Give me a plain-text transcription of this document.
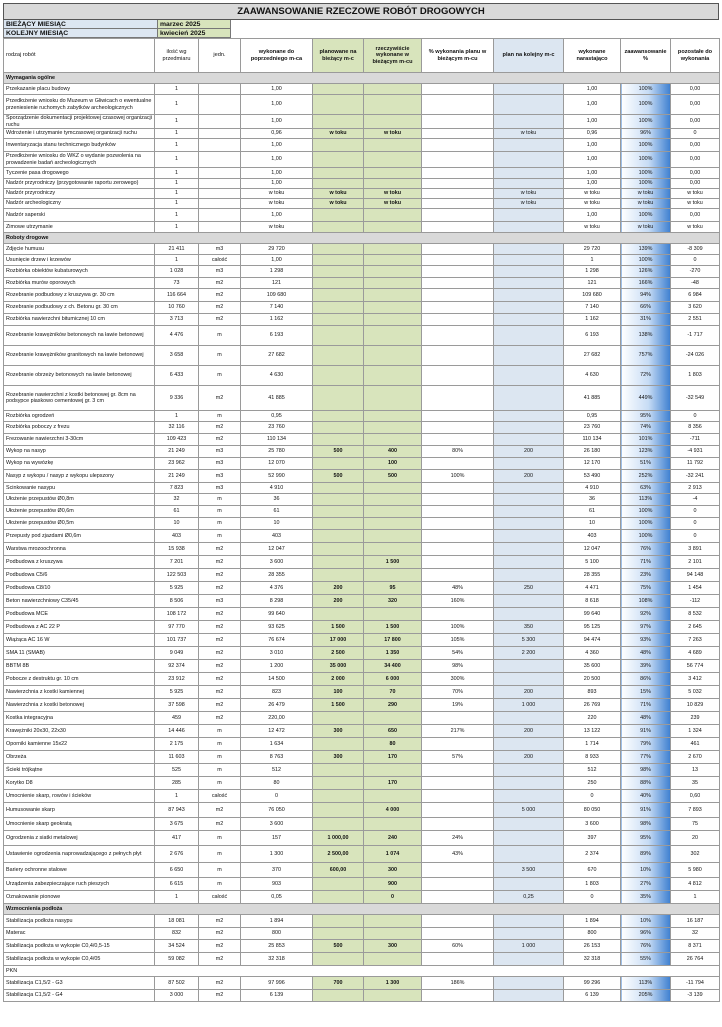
ZAAWANSOWANIE RZECZOWE ROBÓT DROGOWYCH
BIEŻĄCY MIESIĄC	marzec 2025
KOLEJNY MIESIĄC	kwiecień 2025
rodzaj robót	ilość wg przedmiaru	jedn.	wykonane do poprzedniego m-ca	planowane na bieżący m-c	rzeczywiście wykonane w bieżącym m-cu	% wykonania planu w bieżącym m-cu	plan na kolejny m-c	wykonane narastająco	zaawansowanie %	pozostałe do wykonania
Wymagania ogólne										
Przekazanie placu budowy	1		1,00					1,00	100%	0,00
Przedłożenie wniosku do Muzeum w Gliwicach o ewentualne przeniesienie ruchomych zabytków archeologicznych	1		1,00					1,00	100%	0,00
Sporządzenie dokumentacji projektowej czasowej organizacji ruchu	1		1,00					1,00	100%	0,00
Wdrożenie i utrzymanie tymczasowej organizacji ruchu	1		0,96	w toku	w toku		w toku	0,96	96%	0
Inwentaryzacja stanu technicznego budynków	1		1,00					1,00	100%	0,00
Przedłożenie wniosku do WKZ o wydanie pozwolenia na prowadzenie badań archeologicznych	1		1,00					1,00	100%	0,00
Tyczenie pasa drogowego	1		1,00					1,00	100%	0,00
Nadzór przyrodniczy (przygotowanie raportu zerowego)	1		1,00					1,00	100%	0,00
Nadzór przyrodniczy	1		w toku	w toku	w toku		w toku	w toku	w toku	w toku
Nadzór archeologiczny	1		w toku	w toku	w toku		w toku	w toku	w toku	w toku
Nadzór saperski	1		1,00					1,00	100%	0,00
Zimowe utrzymanie	1		w toku					w toku	w toku	w toku
Roboty drogowe										
Zdjęcie humusu	21 411	m3	29 720					29 720	139%	-8 309
Usunięcie drzew i krzewów	1	całość	1,00					1	100%	0
Rozbiórka obiektów kubaturowych	1 028	m3	1 298					1 298	126%	-270
Rozbiórka murów oporowych	73	m2	121					121	166%	-48
Rozebranie podbudowy z kruszywa gr. 30 cm	116 664	m2	109 680					109 680	94%	6 984
Rozebranie podbudowy z ch. Betonu gr. 30 cm	10 760	m2	7 140					7 140	66%	3 620
Rozbiórka nawierzchni bitumicznej 10 cm	3 713	m2	1 162					1 162	31%	2 551
Rozebranie krawężników betonowych na ławie betonowej	4 476	m	6 193					6 193	138%	-1 717
Rozebranie krawężników granitowych na ławie betonowej	3 658	m	27 682					27 682	757%	-24 026
Rozebranie obrzeży betonowych na ławie betonowej	6 433	m	4 630					4 630	72%	1 803
Rozebranie nawierzchni z kostki betonowej gr. 8cm na podsypce piaskowo cementowej gr. 3 cm	9 336	m2	41 885					41 885	449%	-32 549
Rozbiórka ogrodzeń	1	m	0,95					0,95	95%	0
Rozbiórka poboczy z frezu	32 116	m2	23 760					23 760	74%	8 356
Frezowanie nawierzchni 3-30cm	109 423	m2	110 134					110 134	101%	-711
Wykop na nasyp	21 249	m3	25 780	500	400	80%	200	26 180	123%	-4 931
Wykop na wywózkę	23 962	m3	12 070		100			12 170	51%	11 792
Nasyp z wykopu / nasyp z wykopu ulepszony	21 249	m3	52 990	500	500	100%	200	53 490	252%	-32 241
Scinkowanie nasypu	7 823	m3	4 910					4 910	63%	2 913
Ułożenie przepustów Ø0,8m	32	m	36					36	113%	-4
Ułożenie przepustów Ø0,6m	61	m	61					61	100%	0
Ułożenie przepustów Ø0,5m	10	m	10					10	100%	0
Przepusty pod zjazdami Ø0,6m	403	m	403					403	100%	0
Warstwa mrozoochronna	15 938	m2	12 047					12 047	76%	3 891
Podbudowa z kruszywa	7 201	m2	3 600		1 500			5 100	71%	2 101
Podbudowa C5/6	122 503	m2	28 355					28 355	23%	94 148
Podbudowa C8/10	5 925	m2	4 376	200	95	48%	250	4 471	75%	1 454
Beton nawierzchniowy C35/45	8 506	m3	8 298	200	320	160%		8 618	108%	-112
Podbudowa MCE	108 172	m2	99 640					99 640	92%	8 532
Podbudowa z AC 22 P	97 770	m2	93 625	1 500	1 500	100%	350	95 125	97%	2 645
Wiążąca AC 16 W	101 737	m2	76 674	17 000	17 800	105%	5 300	94 474	93%	7 263
SMA 11 (SMAB)	9 049	m2	3 010	2 500	1 350	54%	2 200	4 360	48%	4 689
BBTM 8B	92 374	m2	1 200	35 000	34 400	98%		35 600	39%	56 774
Pobocze z destruktu gr. 10 cm	23 912	m2	14 500	2 000	6 000	300%		20 500	86%	3 412
Nawierzchnia z kostki kamiennej	5 925	m2	823	100	70	70%	200	893	15%	5 032
Nawierzchnia z kostki betonowej	37 598	m2	26 479	1 500	290	19%	1 000	26 769	71%	10 829
Kostka integracyjna	459	m2	220,00					220	48%	239
Krawężniki 20x30, 22x30	14 446	m	12 472	300	650	217%	200	13 122	91%	1 324
Oporniki kamienne 15x22	2 175	m	1 634		80			1 714	79%	461
Obrzeża	11 603	m	8 763	300	170	57%	200	8 933	77%	2 670
Ścieki trójkątne	525	m	512					512	98%	13
Korytko D8	285	m	80		170			250	88%	35
Umocnienie skarp, rowów i ścieków	1	całość	0					0	40%	0,60
Humusowanie skarp	87 943	m2	76 050		4 000		5 000	80 050	91%	7 893
Umocnienie skarp geokratą	3 675	m2	3 600					3 600	98%	75
Ogrodzenia z siatki metalowej	417	m	157	1 000,00	240	24%		397	95%	20
Ustawienie ogrodzenia naprowadzającego z pełnych płyt	2 676	m	1 300	2 500,00	1 074	43%		2 374	89%	302
Bariery ochronne stalowe	6 650	m	370	600,00	300		3 500	670	10%	5 980
Urządzenia zabezpieczające ruch pieszych	6 615	m	903		900			1 803	27%	4 812
Oznakowanie pionowe	1	całość	0,05		0		0,25	0	35%	1
Wzmocnienia podłoża										
Stabilizacja podłoża nasypu	18 081	m2	1 894					1 894	10%	16 187
Materac	832	m2	800					800	96%	32
Stabilizacja podłoża w wykopie C0,4/0,5-15	34 524	m2	25 853	500	300	60%	1 000	26 153	76%	8 371
Stabilizacja podłoża w wykopie C0,4/05	59 082	m2	32 318					32 318	55%	26 764
PKN										
Stabilizacja C1,5/2 - G3	87 502	m2	97 996	700	1 300	186%		99 296	113%	-11 794
Stabilizacja C1,5/2 - G4	3 000	m2	6 139					6 139	205%	-3 139
